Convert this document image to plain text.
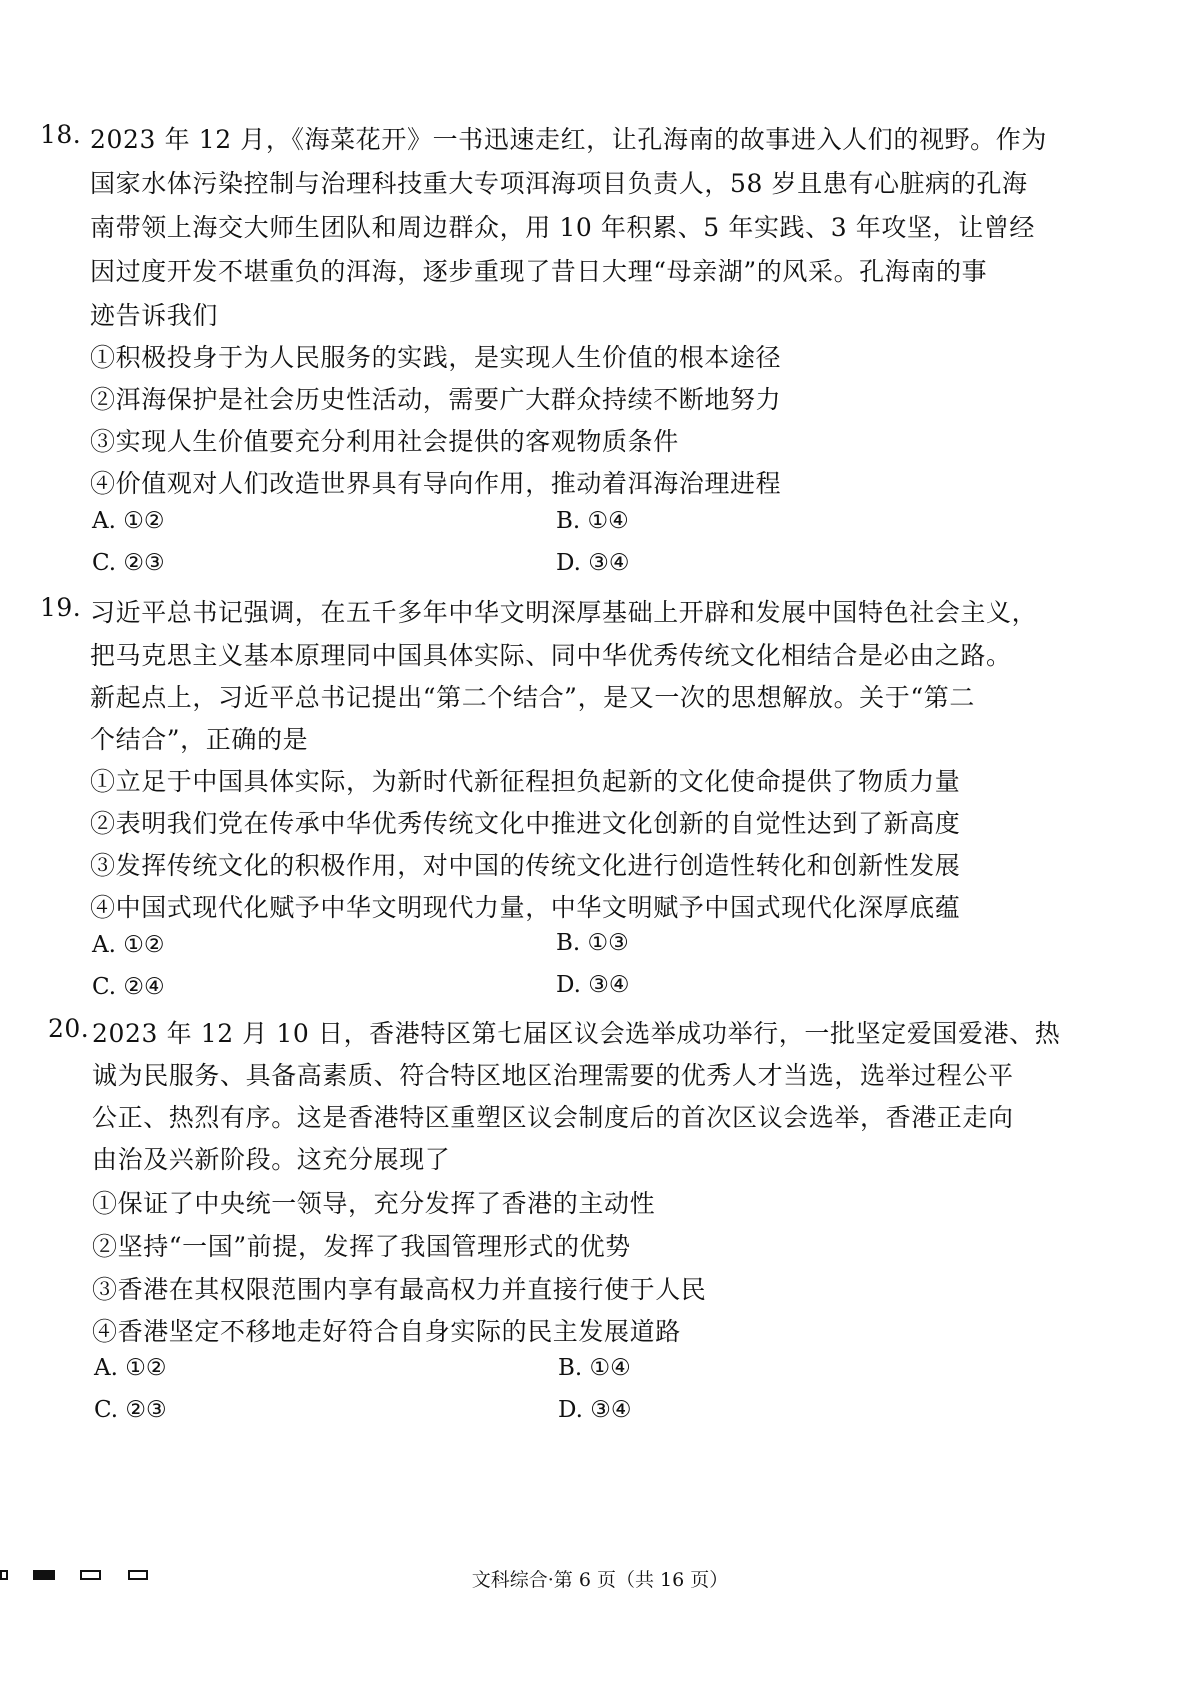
18. 2023 年 12 月，《海菜花开》一书迅速走红，让孔海南的故事进入人们的视野。作为
国家水体污染控制与治理科技重大专项洱海项目负责人，58 岁且患有心脏病的孔海
南带领上海交大师生团队和周边群众，用 10 年积累、5 年实践、3 年攻坚，让曾经
因过度开发不堪重负的洱海，逐步重现了昔日大理“母亲湖”的风采。孔海南的事
迹告诉我们
①积极投身于为人民服务的实践，是实现人生价值的根本途径
②洱海保护是社会历史性活动，需要广大群众持续不断地努力
③实现人生价值要充分利用社会提供的客观物质条件
④价值观对人们改造世界具有导向作用，推动着洱海治理进程
A. ①②	B. ①④
C. ②③	D. ③④
19. 习近平总书记强调，在五千多年中华文明深厚基础上开辟和发展中国特色社会主义，
把马克思主义基本原理同中国具体实际、同中华优秀传统文化相结合是必由之路。
新起点上，习近平总书记提出“第二个结合”，是又一次的思想解放。关于“第二
个结合”，正确的是
①立足于中国具体实际，为新时代新征程担负起新的文化使命提供了物质力量
②表明我们党在传承中华优秀传统文化中推进文化创新的自觉性达到了新高度
③发挥传统文化的积极作用，对中国的传统文化进行创造性转化和创新性发展
④中国式现代化赋予中华文明现代力量，中华文明赋予中国式现代化深厚底蕴
A. ①②	B. ①③
C. ②④	D. ③④
20. 2023 年 12 月 10 日，香港特区第七届区议会选举成功举行，一批坚定爱国爱港、热
诚为民服务、具备高素质、符合特区地区治理需要的优秀人才当选，选举过程公平
公正、热烈有序。这是香港特区重塑区议会制度后的首次区议会选举，香港正走向
由治及兴新阶段。这充分展现了
①保证了中央统一领导，充分发挥了香港的主动性
②坚持“一国”前提，发挥了我国管理形式的优势
③香港在其权限范围内享有最高权力并直接行使于人民
④香港坚定不移地走好符合自身实际的民主发展道路
A. ①②	B. ①④
C. ②③	D. ③④
文科综合·第 6 页（共 16 页）
